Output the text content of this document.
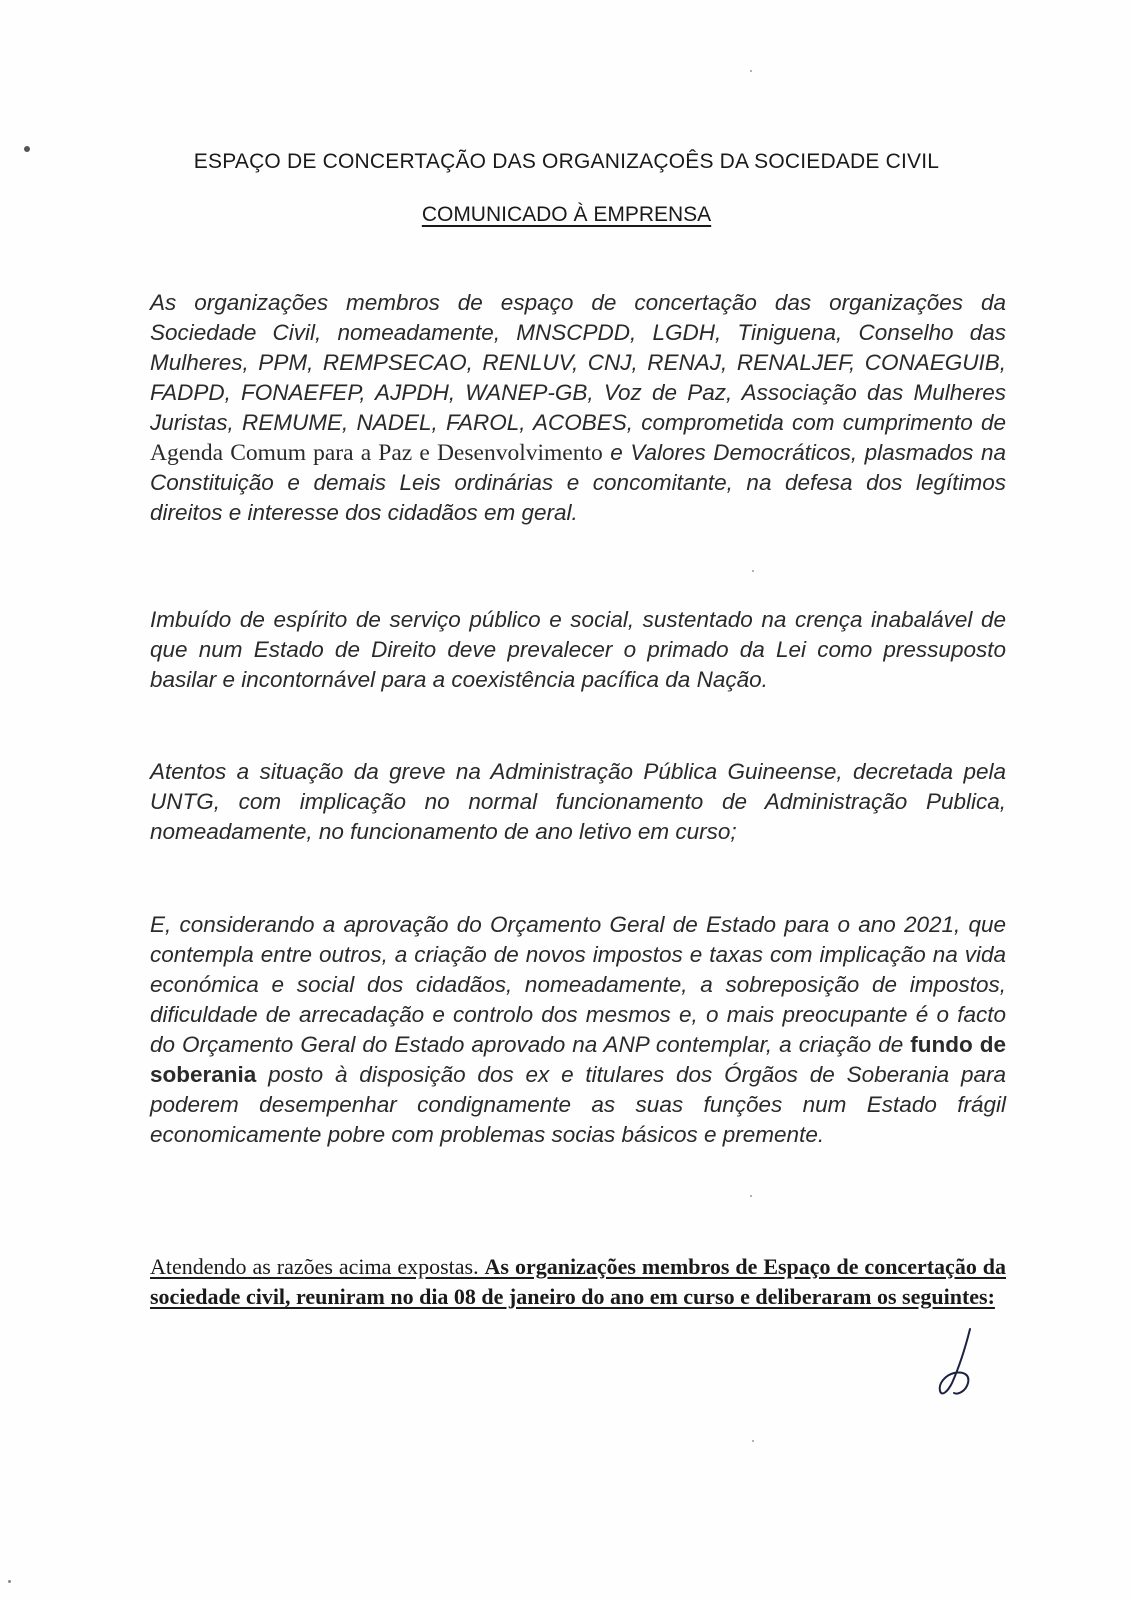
ESPAÇO DE CONCERTAÇÃO DAS ORGANIZAÇOÊS DA SOCIEDADE CIVIL
COMUNICADO À EMPRENSA
As organizações membros de espaço de concertação das organizações da Sociedade Civil, nomeadamente, MNSCPDD, LGDH, Tiniguena, Conselho das Mulheres, PPM, REMPSECAO, RENLUV, CNJ, RENAJ, RENALJEF, CONAEGUIB, FADPD, FONAEFEP, AJPDH, WANEP-GB, Voz de Paz, Associação das Mulheres Juristas, REMUME, NADEL, FAROL, ACOBES, comprometida com cumprimento de Agenda Comum para a Paz e Desenvolvimento e Valores Democráticos, plasmados na Constituição e demais Leis ordinárias e concomitante, na defesa dos legítimos direitos e interesse dos cidadãos em geral.
Imbuído de espírito de serviço público e social, sustentado na crença inabalável de que num Estado de Direito deve prevalecer o primado da Lei como pressuposto basilar e incontornável para a coexistência pacífica da Nação.
Atentos a situação da greve na Administração Pública Guineense, decretada pela UNTG, com implicação no normal funcionamento de Administração Publica, nomeadamente, no funcionamento de ano letivo em curso;
E, considerando a aprovação do Orçamento Geral de Estado para o ano 2021, que contempla entre outros, a criação de novos impostos e taxas com implicação na vida económica e social dos cidadãos, nomeadamente, a sobreposição de impostos, dificuldade de arrecadação e controlo dos mesmos e, o mais preocupante é o facto do Orçamento Geral do Estado aprovado na ANP contemplar, a criação de fundo de soberania posto à disposição dos ex e titulares dos Órgãos de Soberania para poderem desempenhar condignamente as suas funções num Estado frágil economicamente pobre com problemas socias básicos e premente.
Atendendo as razões acima expostas. As organizações membros de Espaço de concertação da sociedade civil, reuniram no dia 08 de janeiro do ano em curso e deliberaram os seguintes:
